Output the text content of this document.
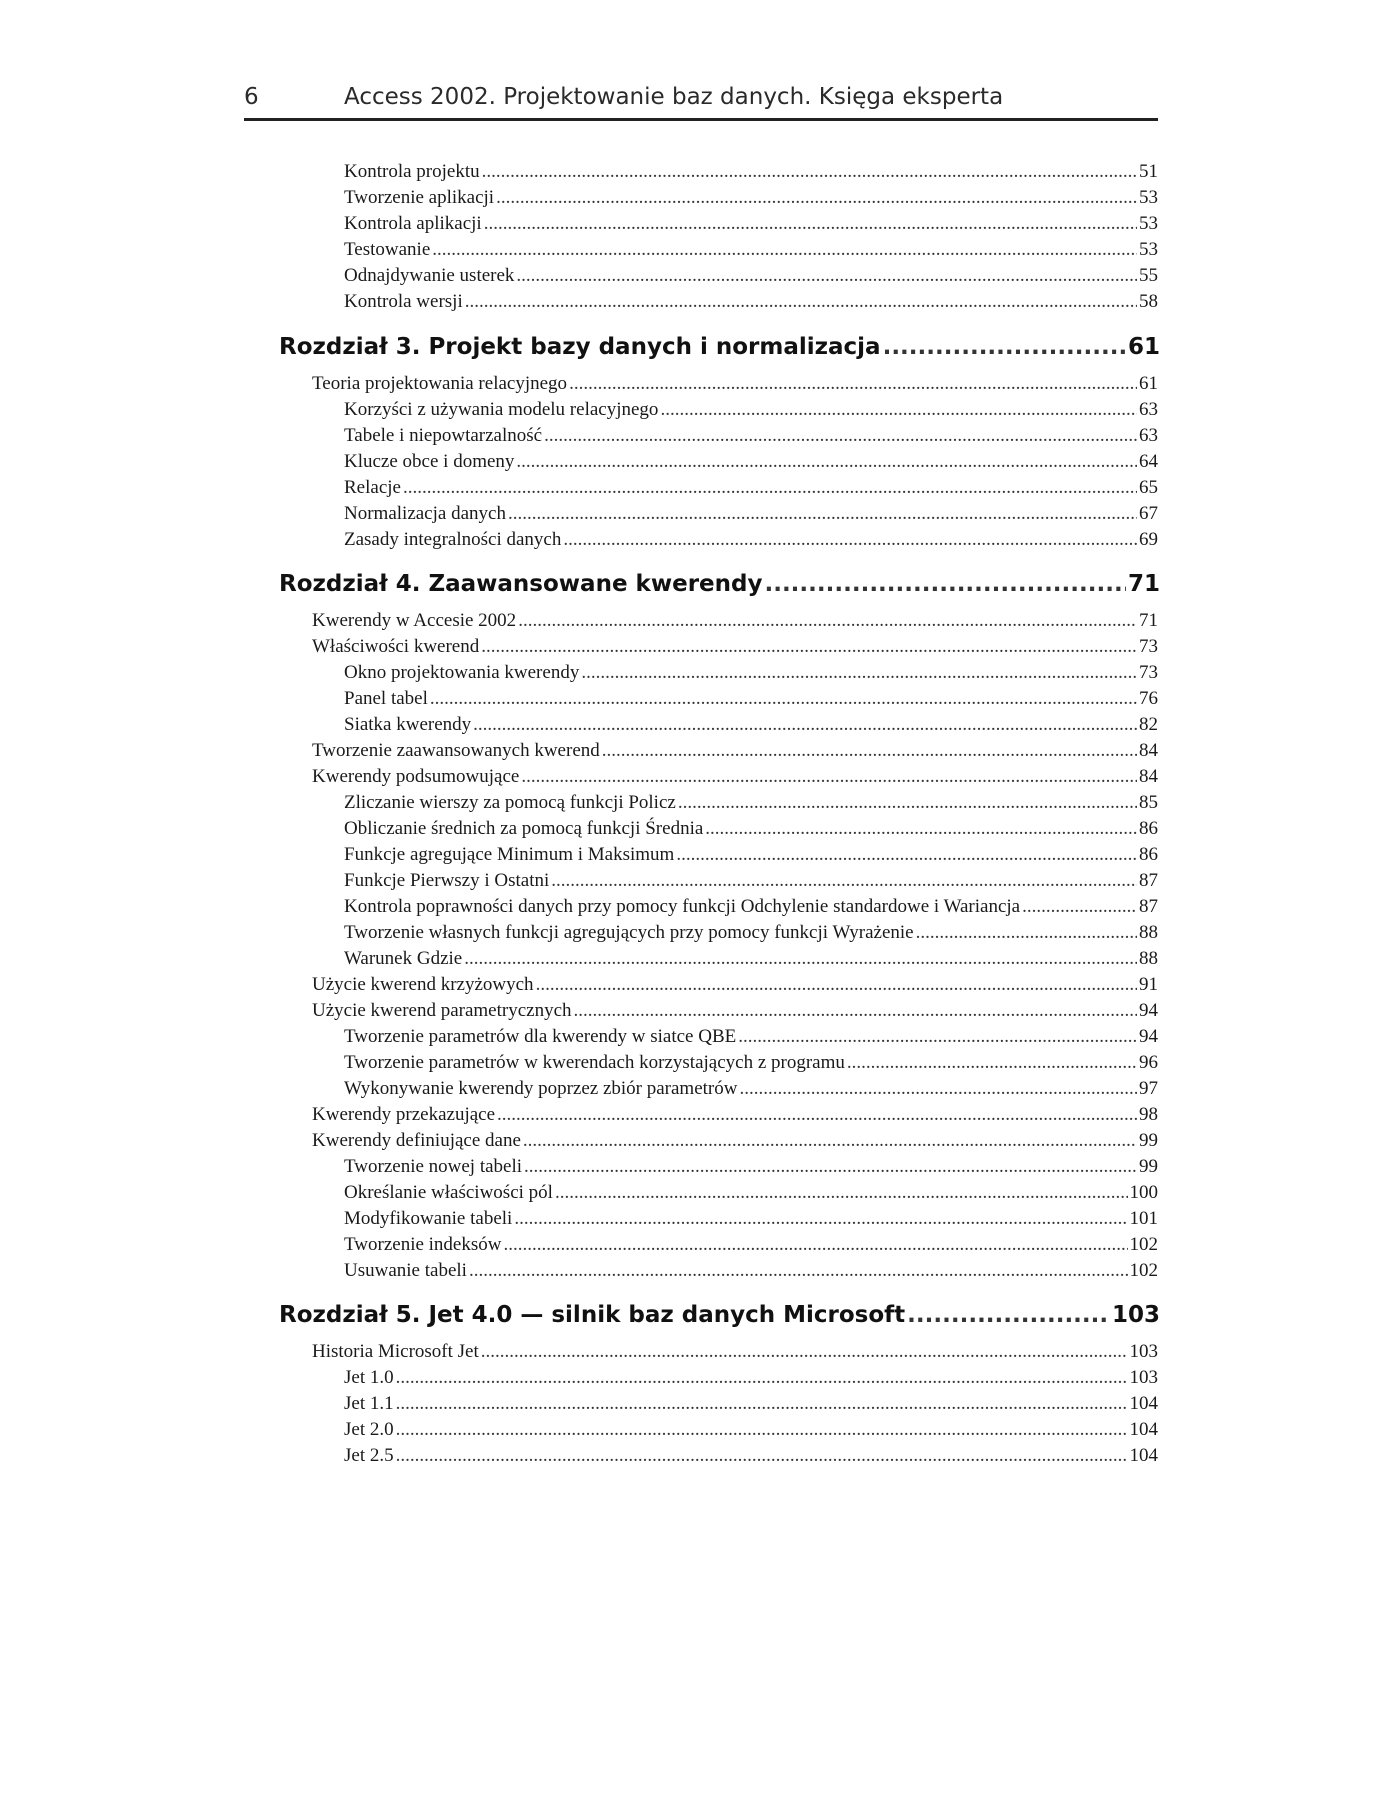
6	Access 2002. Projektowanie baz danych. Księga eksperta
Kontrola projektu .....	51
Tworzenie aplikacji .....	53
Kontrola aplikacji .....	53
Testowanie .....	53
Odnajdywanie usterek .....	55
Kontrola wersji .....	58
Rozdział 3. Projekt bazy danych i normalizacja .....	61
Teoria projektowania relacyjnego .....	61
Korzyści z używania modelu relacyjnego .....	63
Tabele i niepowtarzalność .....	63
Klucze obce i domeny .....	64
Relacje .....	65
Normalizacja danych .....	67
Zasady integralności danych .....	69
Rozdział 4. Zaawansowane kwerendy .....	71
Kwerendy w Accesie 2002 .....	71
Właściwości kwerend .....	73
Okno projektowania kwerendy .....	73
Panel tabel .....	76
Siatka kwerendy .....	82
Tworzenie zaawansowanych kwerend .....	84
Kwerendy podsumowujące .....	84
Zliczanie wierszy za pomocą funkcji Policz .....	85
Obliczanie średnich za pomocą funkcji Średnia .....	86
Funkcje agregujące Minimum i Maksimum .....	86
Funkcje Pierwszy i Ostatni .....	87
Kontrola poprawności danych przy pomocy funkcji Odchylenie standardowe i Wariancja .....	87
Tworzenie własnych funkcji agregujących przy pomocy funkcji Wyrażenie .....	88
Warunek Gdzie .....	88
Użycie kwerend krzyżowych .....	91
Użycie kwerend parametrycznych .....	94
Tworzenie parametrów dla kwerendy w siatce QBE .....	94
Tworzenie parametrów w kwerendach korzystających z programu .....	96
Wykonywanie kwerendy poprzez zbiór parametrów .....	97
Kwerendy przekazujące .....	98
Kwerendy definiujące dane .....	99
Tworzenie nowej tabeli .....	99
Określanie właściwości pól .....	100
Modyfikowanie tabeli .....	101
Tworzenie indeksów .....	102
Usuwanie tabeli .....	102
Rozdział 5. Jet 4.0 — silnik baz danych Microsoft .....	103
Historia Microsoft Jet .....	103
Jet 1.0 .....	103
Jet 1.1 .....	104
Jet 2.0 .....	104
Jet 2.5 .....	104
